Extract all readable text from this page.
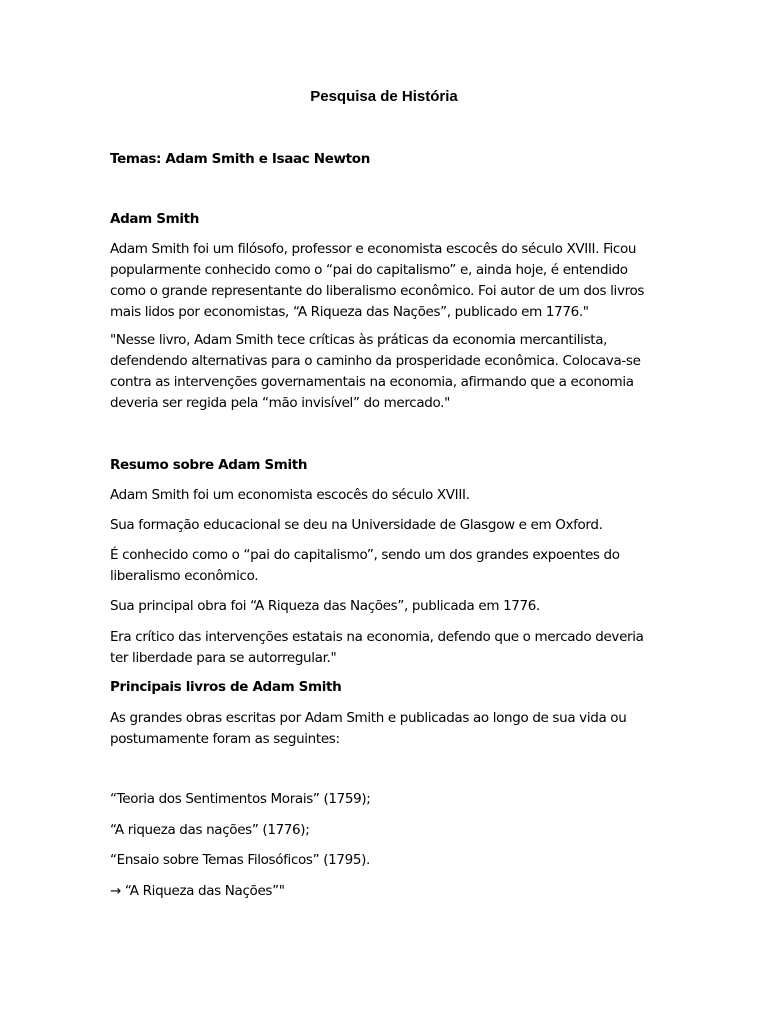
Pesquisa de História

Temas: Adam Smith e Isaac Newton

Adam Smith

Adam Smith foi um filósofo, professor e economista escocês do século XVIII. Ficou popularmente conhecido como o “pai do capitalismo” e, ainda hoje, é entendido como o grande representante do liberalismo econômico. Foi autor de um dos livros mais lidos por economistas, “A Riqueza das Nações”, publicado em 1776."

"Nesse livro, Adam Smith tece críticas às práticas da economia mercantilista, defendendo alternativas para o caminho da prosperidade econômica. Colocava-se contra as intervenções governamentais na economia, afirmando que a economia deveria ser regida pela “mão invisível” do mercado."

Resumo sobre Adam Smith

Adam Smith foi um economista escocês do século XVIII.

Sua formação educacional se deu na Universidade de Glasgow e em Oxford.

É conhecido como o “pai do capitalismo”, sendo um dos grandes expoentes do liberalismo econômico.

Sua principal obra foi “A Riqueza das Nações”, publicada em 1776.

Era crítico das intervenções estatais na economia, defendo que o mercado deveria ter liberdade para se autorregular."

Principais livros de Adam Smith

As grandes obras escritas por Adam Smith e publicadas ao longo de sua vida ou postumamente foram as seguintes:

“Teoria dos Sentimentos Morais” (1759);

“A riqueza das nações” (1776);

“Ensaio sobre Temas Filosóficos” (1795).

→ “A Riqueza das Nações”"
